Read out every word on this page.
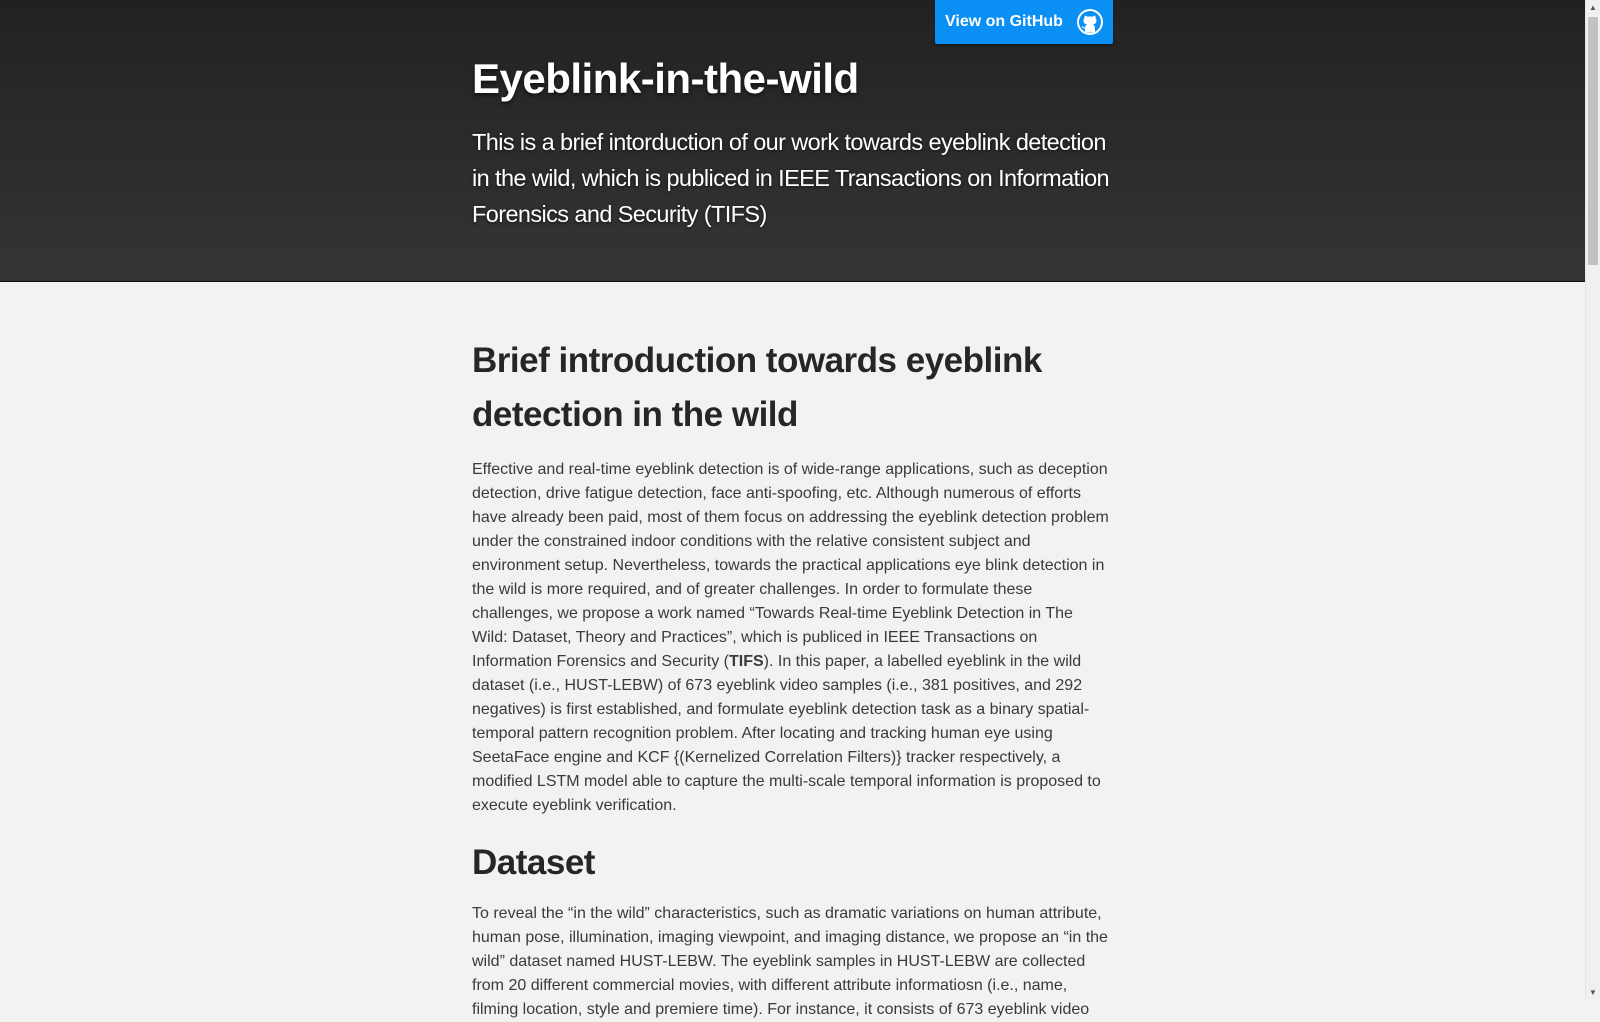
View on GitHub
Eyeblink-in-the-wild

This is a brief intorduction of our work towards eyeblink detection in the wild, which is publiced in IEEE Transactions on Information Forensics and Security (TIFS)

Brief introduction towards eyeblink detection in the wild

Effective and real-time eyeblink detection is of wide-range applications, such as deception detection, drive fatigue detection, face anti-spoofing, etc. Although numerous of efforts have already been paid, most of them focus on addressing the eyeblink detection problem under the constrained indoor conditions with the relative consistent subject and environment setup. Nevertheless, towards the practical applications eye blink detection in the wild is more required, and of greater challenges. In order to formulate these challenges, we propose a work named “Towards Real-time Eyeblink Detection in The Wild: Dataset, Theory and Practices”, which is publiced in IEEE Transactions on Information Forensics and Security (TIFS). In this paper, a labelled eyeblink in the wild dataset (i.e., HUST-LEBW) of 673 eyeblink video samples (i.e., 381 positives, and 292 negatives) is first established, and formulate eyeblink detection task as a binary spatial-temporal pattern recognition problem. After locating and tracking human eye using SeetaFace engine and KCF {(Kernelized Correlation Filters)} tracker respectively, a modified LSTM model able to capture the multi-scale temporal information is proposed to execute eyeblink verification.

Dataset

To reveal the “in the wild” characteristics, such as dramatic variations on human attribute, human pose, illumination, imaging viewpoint, and imaging distance, we propose an “in the wild” dataset named HUST-LEBW. The eyeblink samples in HUST-LEBW are collected from 20 different commercial movies, with different attribute informatiosn (i.e., name, filming location, style and premiere time). For instance, it consists of 673 eyeblink video

▲
▼
